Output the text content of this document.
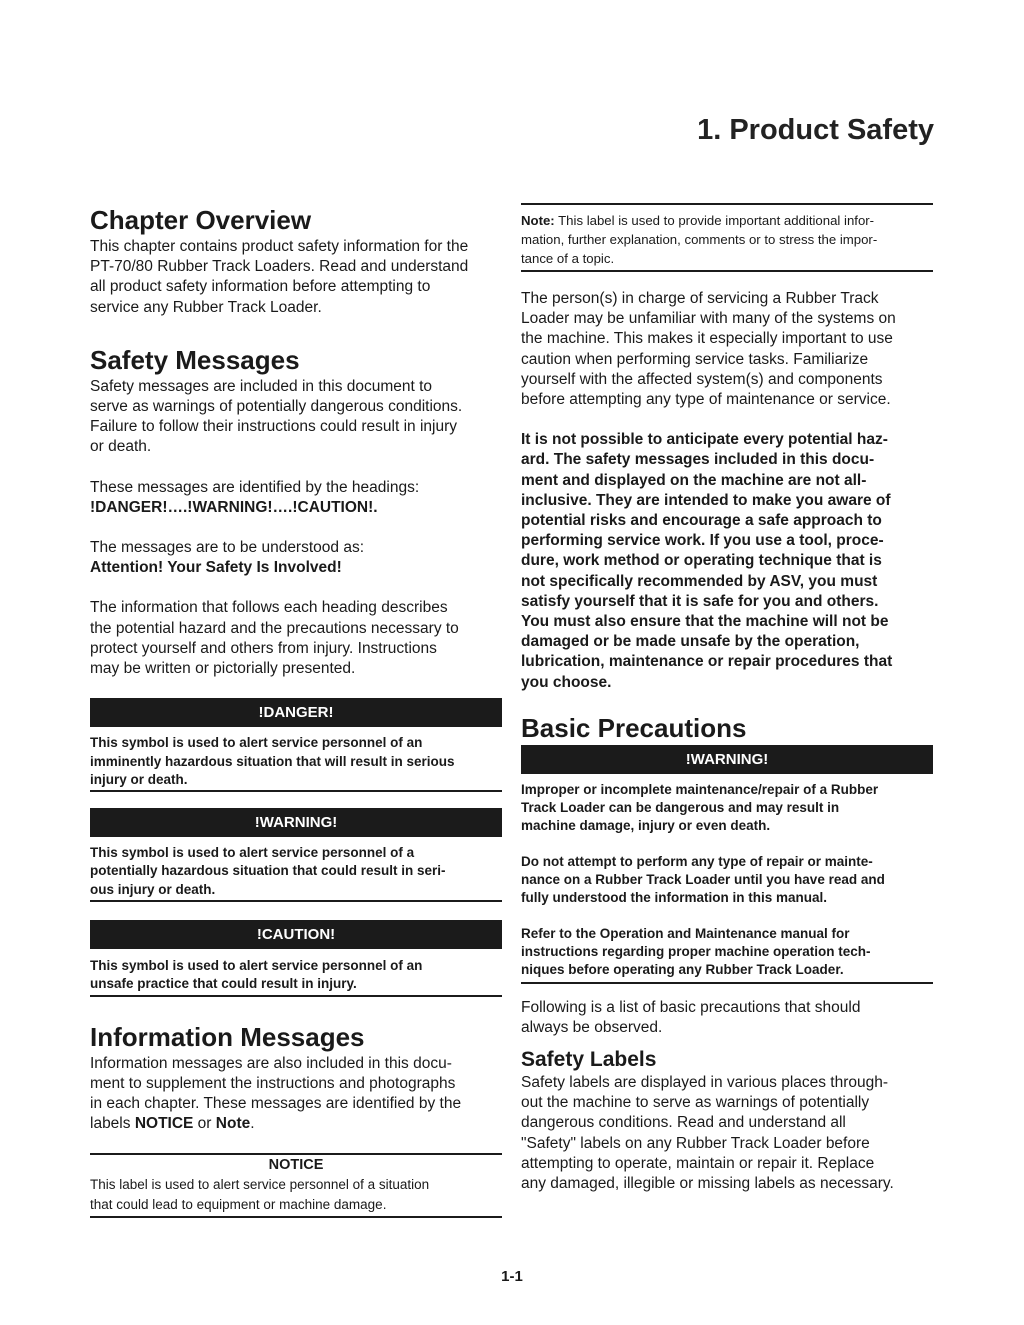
1. Product Safety
Chapter Overview

This chapter contains product safety information for the
PT-70/80 Rubber Track Loaders. Read and understand
all product safety information before attempting to
service any Rubber Track Loader.

Safety Messages

Safety messages are included in this document to
serve as warnings of potentially dangerous conditions.
Failure to follow their instructions could result in injury
or death.

These messages are identified by the headings:
!DANGER!….!WARNING!….!CAUTION!.

The messages are to be understood as:
Attention! Your Safety Is Involved!

The information that follows each heading describes
the potential hazard and the precautions necessary to
protect yourself and others from injury. Instructions
may be written or pictorially presented.

!DANGER!
This symbol is used to alert service personnel of an
imminently hazardous situation that will result in serious
injury or death.
!WARNING!
This symbol is used to alert service personnel of a
potentially hazardous situation that could result in seri-
ous injury or death.
!CAUTION!
This symbol is used to alert service personnel of an
unsafe practice that could result in injury.
Information Messages

Information messages are also included in this docu-
ment to supplement the instructions and photographs
in each chapter. These messages are identified by the
labels NOTICE or Note.

NOTICE
This label is used to alert service personnel of a situation
that could lead to equipment or machine damage.
Note: This label is used to provide important additional infor-
mation, further explanation, comments or to stress the impor-
tance of a topic.

The person(s) in charge of servicing a Rubber Track
Loader may be unfamiliar with many of the systems on
the machine. This makes it especially important to use
caution when performing service tasks. Familiarize
yourself with the affected system(s) and components
before attempting any type of maintenance or service.

It is not possible to anticipate every potential haz-
ard. The safety messages included in this docu-
ment and displayed on the machine are not all-
inclusive. They are intended to make you aware of
potential risks and encourage a safe approach to
performing service work. If you use a tool, proce-
dure, work method or operating technique that is
not specifically recommended by ASV, you must
satisfy yourself that it is safe for you and others.
You must also ensure that the machine will not be
damaged or be made unsafe by the operation,
lubrication, maintenance or repair procedures that
you choose.

Basic Precautions
!WARNING!
Improper or incomplete maintenance/repair of a Rubber
Track Loader can be dangerous and may result in
machine damage, injury or even death.

Do not attempt to perform any type of repair or mainte-
nance on a Rubber Track Loader until you have read and
fully understood the information in this manual.

Refer to the Operation and Maintenance manual for
instructions regarding proper machine operation tech-
niques before operating any Rubber Track Loader.

Following is a list of basic precautions that should
always be observed.

Safety Labels

Safety labels are displayed in various places through-
out the machine to serve as warnings of potentially
dangerous conditions. Read and understand all
"Safety" labels on any Rubber Track Loader before
attempting to operate, maintain or repair it. Replace
any damaged, illegible or missing labels as necessary.

1-1
